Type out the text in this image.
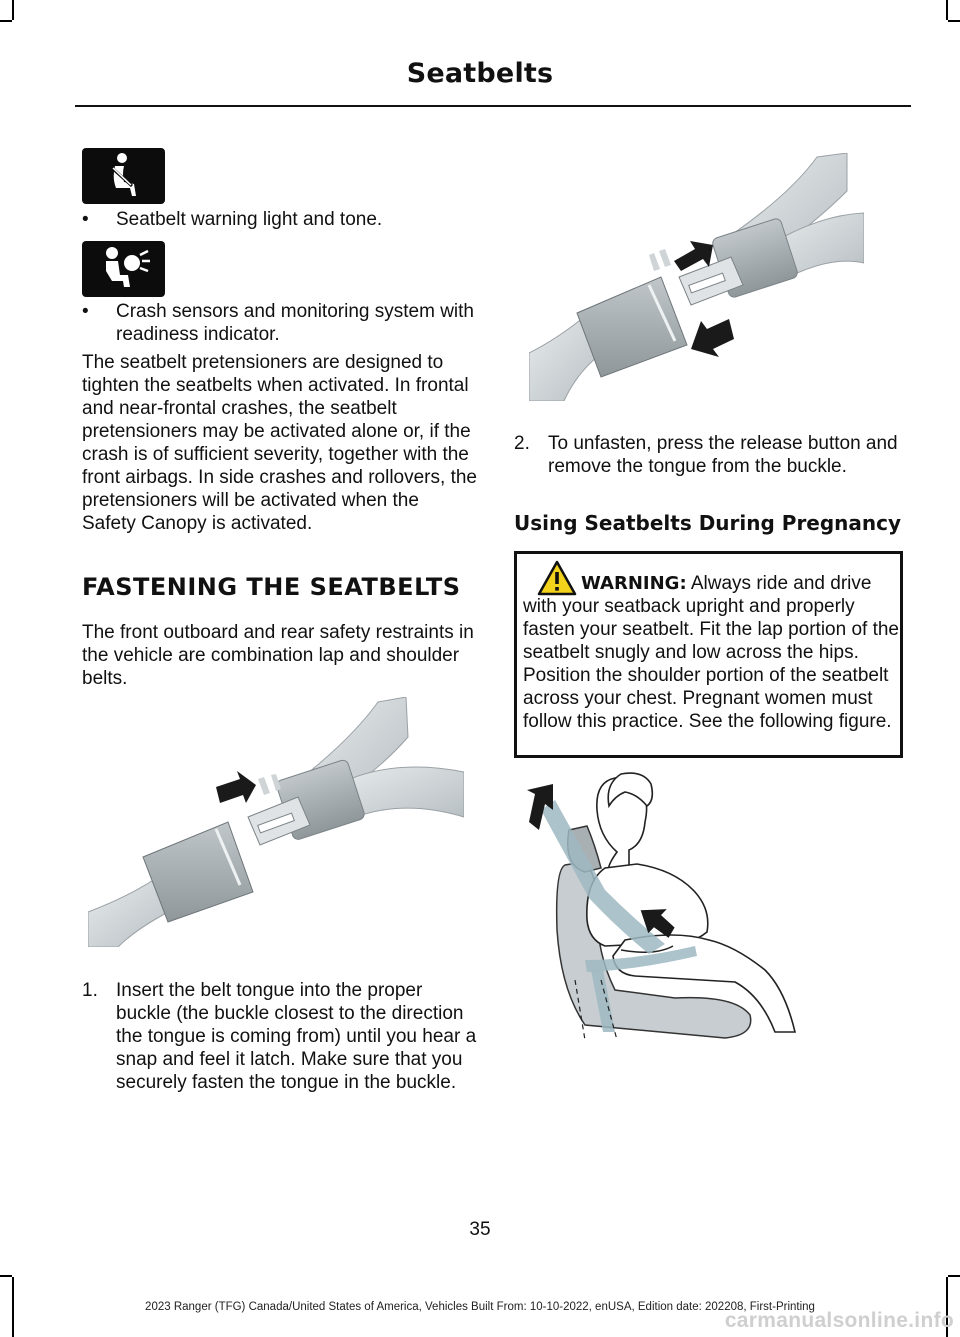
Seatbelts
• Seatbelt warning light and tone.
• Crash sensors and monitoring system with readiness indicator.
The seatbelt pretensioners are designed to tighten the seatbelts when activated. In frontal and near-frontal crashes, the seatbelt pretensioners may be activated alone or, if the crash is of sufficient severity, together with the front airbags. In side crashes and rollovers, the pretensioners will be activated when the Safety Canopy is activated.
FASTENING THE SEATBELTS
The front outboard and rear safety restraints in the vehicle are combination lap and shoulder belts.
1. Insert the belt tongue into the proper buckle (the buckle closest to the direction the tongue is coming from) until you hear a snap and feel it latch. Make sure that you securely fasten the tongue in the buckle.
2. To unfasten, press the release button and remove the tongue from the buckle.
Using Seatbelts During Pregnancy
WARNING: Always ride and drive with your seatback upright and properly fasten your seatbelt. Fit the lap portion of the seatbelt snugly and low across the hips. Position the shoulder portion of the seatbelt across your chest. Pregnant women must follow this practice. See the following figure.
35
2023 Ranger (TFG) Canada/United States of America, Vehicles Built From: 10-10-2022, enUSA, Edition date: 202208, First-Printing
carmanualsonline.info
